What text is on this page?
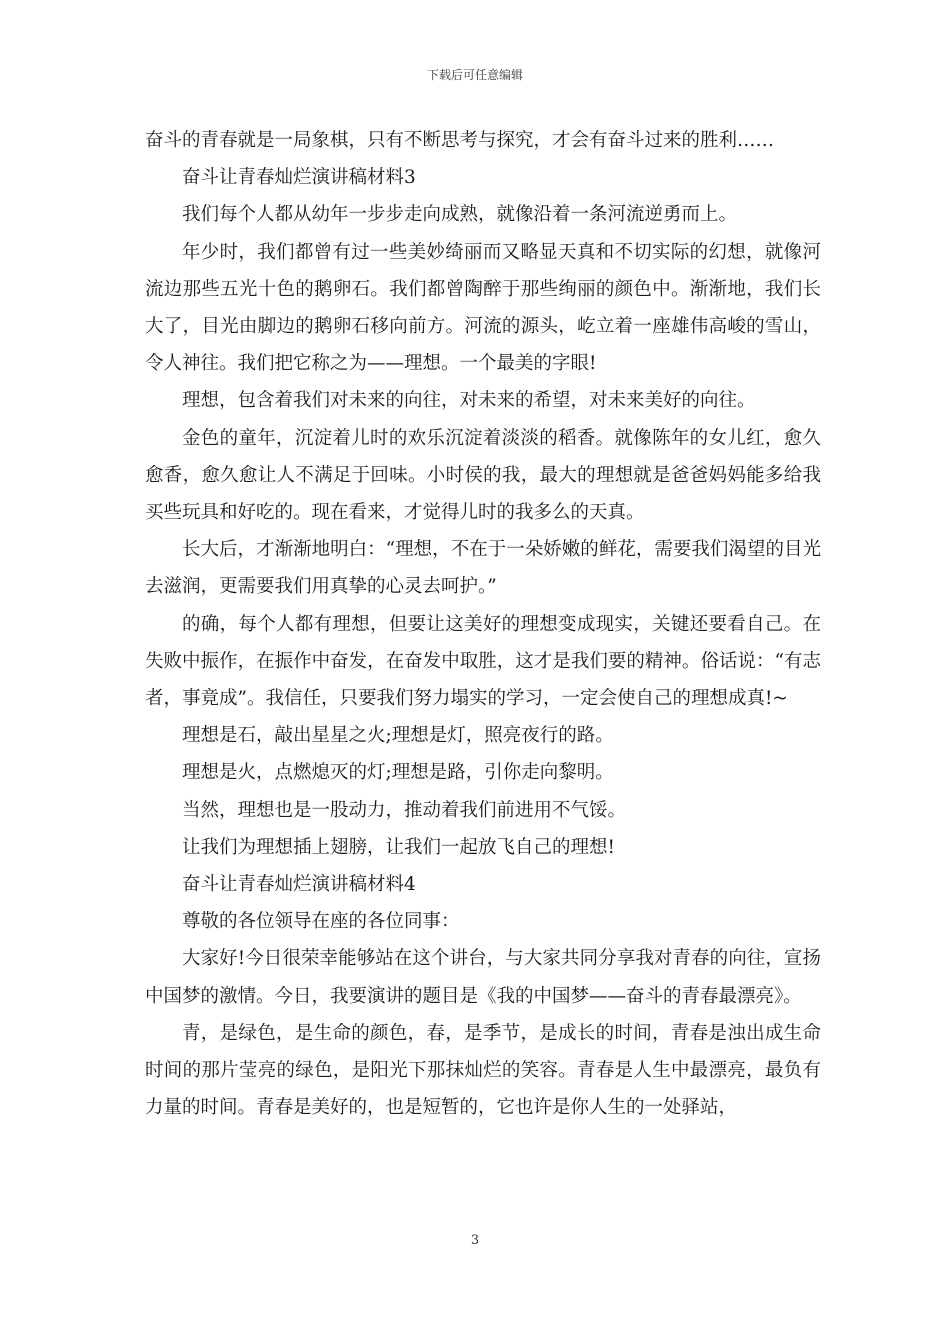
下载后可任意编辑

奋斗的青春就是一局象棋，只有不断思考与探究，才会有奋斗过来的胜利……

奋斗让青春灿烂演讲稿材料3

我们每个人都从幼年一步步走向成熟，就像沿着一条河流逆勇而上。

年少时，我们都曾有过一些美妙绮丽而又略显天真和不切实际的幻想，就像河流边那些五光十色的鹅卵石。我们都曾陶醉于那些绚丽的颜色中。渐渐地，我们长大了，目光由脚边的鹅卵石移向前方。河流的源头，屹立着一座雄伟高峻的雪山，令人神往。我们把它称之为——理想。一个最美的字眼!

理想，包含着我们对未来的向往，对未来的希望，对未来美好的向往。

金色的童年，沉淀着儿时的欢乐沉淀着淡淡的稻香。就像陈年的女儿红，愈久愈香，愈久愈让人不满足于回味。小时侯的我，最大的理想就是爸爸妈妈能多给我买些玩具和好吃的。现在看来，才觉得儿时的我多么的天真。

长大后，才渐渐地明白：“理想，不在于一朵娇嫩的鲜花，需要我们渴望的目光去滋润，更需要我们用真挚的心灵去呵护。”

的确，每个人都有理想，但要让这美好的理想变成现实，关键还要看自己。在失败中振作，在振作中奋发，在奋发中取胜，这才是我们要的精神。俗话说：“有志者，事竟成”。我信任，只要我们努力塌实的学习，一定会使自己的理想成真!~

理想是石，敲出星星之火;理想是灯，照亮夜行的路。

理想是火，点燃熄灭的灯;理想是路，引你走向黎明。

当然，理想也是一股动力，推动着我们前进用不气馁。

让我们为理想插上翅膀，让我们一起放飞自己的理想!

奋斗让青春灿烂演讲稿材料4

尊敬的各位领导在座的各位同事：

大家好!今日很荣幸能够站在这个讲台，与大家共同分享我对青春的向往，宣扬中国梦的激情。今日，我要演讲的题目是《我的中国梦——奋斗的青春最漂亮》。

青，是绿色，是生命的颜色，春，是季节，是成长的时间，青春是浊出成生命时间的那片莹亮的绿色，是阳光下那抹灿烂的笑容。青春是人生中最漂亮，最负有力量的时间。青春是美好的，也是短暂的，它也许是你人生的一处驿站，

3
